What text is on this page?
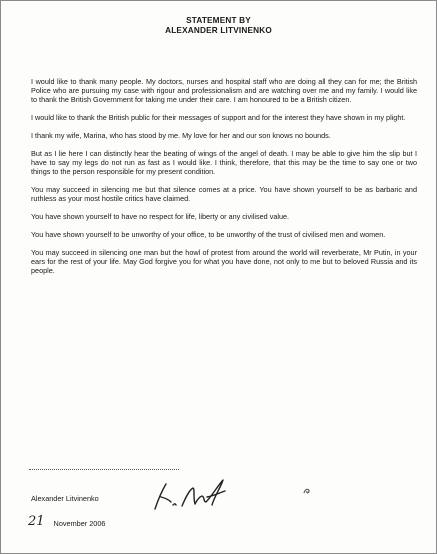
STATEMENT BY
ALEXANDER LITVINENKO

I would like to thank many people. My doctors, nurses and hospital staff who are doing all they can for me; the British Police who are pursuing my case with rigour and professionalism and are watching over me and my family. I would like to thank the British Government for taking me under their care. I am honoured to be a British citizen.

I would like to thank the British public for their messages of support and for the interest they have shown in my plight.

I thank my wife, Marina, who has stood by me. My love for her and our son knows no bounds.

But as I lie here I can distinctly hear the beating of wings of the angel of death. I may be able to give him the slip but I have to say my legs do not run as fast as I would like. I think, therefore, that this may be the time to say one or two things to the person responsible for my present condition.

You may succeed in silencing me but that silence comes at a price. You have shown yourself to be as barbaric and ruthless as your most hostile critics have claimed.

You have shown yourself to have no respect for life, liberty or any civilised value.

You have shown yourself to be unworthy of your office, to be unworthy of the trust of civilised men and women.

You may succeed in silencing one man but the howl of protest from around the world will reverberate, Mr Putin, in your ears for the rest of your life. May God forgive you for what you have done, not only to me but to beloved Russia and its people.

Alexander Litvinenko
21 November 2006
